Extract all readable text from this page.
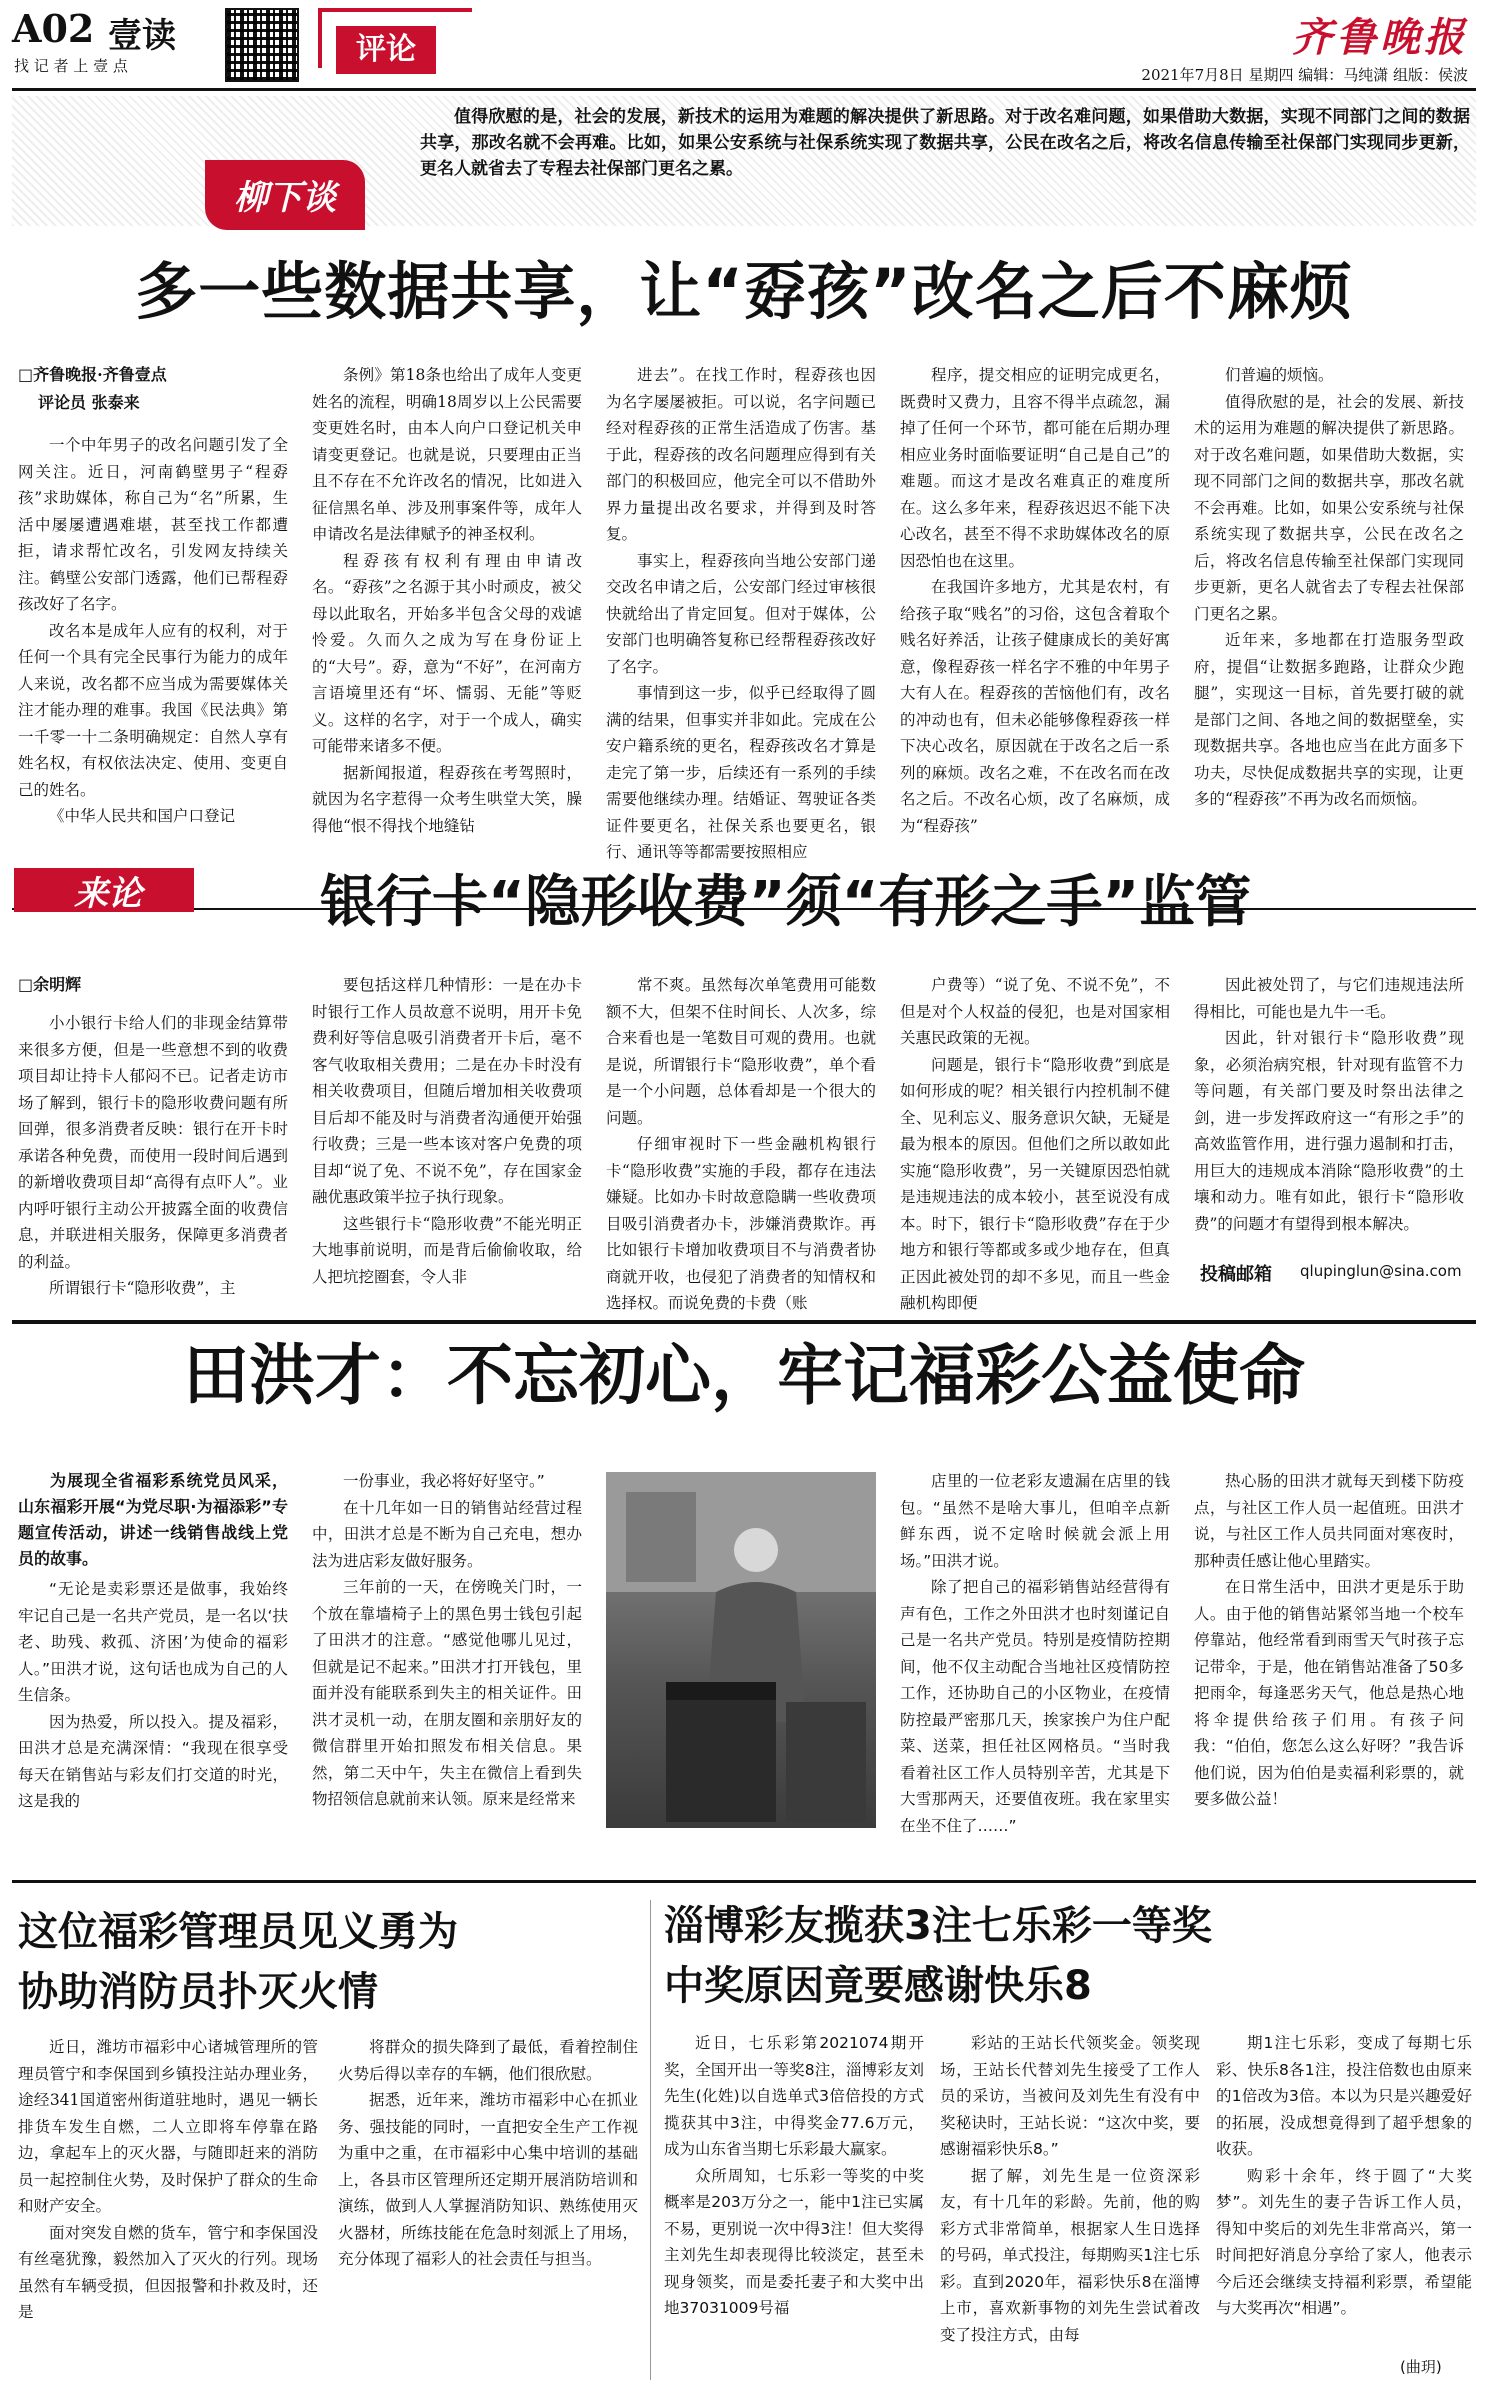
A02 壹读
找 记 者 上 壹 点	评论	齐鲁晚报
2021年7月8日 星期四 编辑：马纯潇 组版：侯波
柳下谈
值得欣慰的是，社会的发展，新技术的运用为难题的解决提供了新思路。对于改名难问题，如果借助大数据，实现不同部门之间的数据共享，那改名就不会再难。比如，如果公安系统与社保系统实现了数据共享，公民在改名之后，将改名信息传输至社保部门实现同步更新，更名人就省去了专程去社保部门更名之累。
多一些数据共享，让“孬孩”改名之后不麻烦
□齐鲁晚报·齐鲁壹点
评论员 张泰来

一个中年男子的改名问题引发了全网关注。近日，河南鹤壁男子“程孬孩”求助媒体，称自己为“名”所累，生活中屡屡遭遇难堪，甚至找工作都遭拒，请求帮忙改名，引发网友持续关注。鹤壁公安部门透露，他们已帮程孬孩改好了名字。

改名本是成年人应有的权利，对于任何一个具有完全民事行为能力的成年人来说，改名都不应当成为需要媒体关注才能办理的难事。我国《民法典》第一千零一十二条明确规定：自然人享有姓名权，有权依法决定、使用、变更自己的姓名。

《中华人民共和国户口登记

条例》第18条也给出了成年人变更姓名的流程，明确18周岁以上公民需要变更姓名时，由本人向户口登记机关申请变更登记。也就是说，只要理由正当且不存在不允许改名的情况，比如进入征信黑名单、涉及刑事案件等，成年人申请改名是法律赋予的神圣权利。

程孬孩有权利有理由申请改名。“孬孩”之名源于其小时顽皮，被父母以此取名，开始多半包含父母的戏谑怜爱。久而久之成为写在身份证上的“大号”。孬，意为“不好”，在河南方言语境里还有“坏、懦弱、无能”等贬义。这样的名字，对于一个成人，确实可能带来诸多不便。

据新闻报道，程孬孩在考驾照时，就因为名字惹得一众考生哄堂大笑，臊得他“恨不得找个地缝钻

进去”。在找工作时，程孬孩也因为名字屡屡被拒。可以说，名字问题已经对程孬孩的正常生活造成了伤害。基于此，程孬孩的改名问题理应得到有关部门的积极回应，他完全可以不借助外界力量提出改名要求，并得到及时答复。

事实上，程孬孩向当地公安部门递交改名申请之后，公安部门经过审核很快就给出了肯定回复。但对于媒体，公安部门也明确答复称已经帮程孬孩改好了名字。

事情到这一步，似乎已经取得了圆满的结果，但事实并非如此。完成在公安户籍系统的更名，程孬孩改名才算是走完了第一步，后续还有一系列的手续需要他继续办理。结婚证、驾驶证各类证件要更名，社保关系也要更名，银行、通讯等等都需要按照相应

程序，提交相应的证明完成更名，既费时又费力，且容不得半点疏忽，漏掉了任何一个环节，都可能在后期办理相应业务时面临要证明“自己是自己”的难题。而这才是改名难真正的难度所在。这么多年来，程孬孩迟迟不能下决心改名，甚至不得不求助媒体改名的原因恐怕也在这里。

在我国许多地方，尤其是农村，有给孩子取“贱名”的习俗，这包含着取个贱名好养活，让孩子健康成长的美好寓意，像程孬孩一样名字不雅的中年男子大有人在。程孬孩的苦恼他们有，改名的冲动也有，但未必能够像程孬孩一样下决心改名，原因就在于改名之后一系列的麻烦。改名之难，不在改名而在改名之后。不改名心烦，改了名麻烦，成为“程孬孩”

们普遍的烦恼。

值得欣慰的是，社会的发展、新技术的运用为难题的解决提供了新思路。对于改名难问题，如果借助大数据，实现不同部门之间的数据共享，那改名就不会再难。比如，如果公安系统与社保系统实现了数据共享，公民在改名之后，将改名信息传输至社保部门实现同步更新，更名人就省去了专程去社保部门更名之累。

近年来，多地都在打造服务型政府，提倡“让数据多跑路，让群众少跑腿”，实现这一目标，首先要打破的就是部门之间、各地之间的数据壁垒，实现数据共享。各地也应当在此方面多下功夫，尽快促成数据共享的实现，让更多的“程孬孩”不再为改名而烦恼。

来论	银行卡“隐形收费”须“有形之手”监管
□余明辉

小小银行卡给人们的非现金结算带来很多方便，但是一些意想不到的收费项目却让持卡人郁闷不已。记者走访市场了解到，银行卡的隐形收费问题有所回弹，很多消费者反映：银行在开卡时承诺各种免费，而使用一段时间后遇到的新增收费项目却“高得有点吓人”。业内呼吁银行主动公开披露全面的收费信息，并联进相关服务，保障更多消费者的利益。

所谓银行卡“隐形收费”，主

要包括这样几种情形：一是在办卡时银行工作人员故意不说明，用开卡免费利好等信息吸引消费者开卡后，毫不客气收取相关费用；二是在办卡时没有相关收费项目，但随后增加相关收费项目后却不能及时与消费者沟通便开始强行收费；三是一些本该对客户免费的项目却“说了免、不说不免”，存在国家金融优惠政策半拉子执行现象。

这些银行卡“隐形收费”不能光明正大地事前说明，而是背后偷偷收取，给人把坑挖圈套，令人非

常不爽。虽然每次单笔费用可能数额不大，但架不住时间长、人次多，综合来看也是一笔数目可观的费用。也就是说，所谓银行卡“隐形收费”，单个看是一个小问题，总体看却是一个很大的问题。

仔细审视时下一些金融机构银行卡“隐形收费”实施的手段，都存在违法嫌疑。比如办卡时故意隐瞒一些收费项目吸引消费者办卡，涉嫌消费欺诈。再比如银行卡增加收费项目不与消费者协商就开收，也侵犯了消费者的知情权和选择权。而说免费的卡费（账

户费等）“说了免、不说不免”，不但是对个人权益的侵犯，也是对国家相关惠民政策的无视。

问题是，银行卡“隐形收费”到底是如何形成的呢？相关银行内控机制不健全、见利忘义、服务意识欠缺，无疑是最为根本的原因。但他们之所以敢如此实施“隐形收费”，另一关键原因恐怕就是违规违法的成本较小，甚至说没有成本。时下，银行卡“隐形收费”存在于少地方和银行等都或多或少地存在，但真正因此被处罚的却不多见，而且一些金融机构即便

因此被处罚了，与它们违规违法所得相比，可能也是九牛一毛。

因此，针对银行卡“隐形收费”现象，必须治病究根，针对现有监管不力等问题，有关部门要及时祭出法律之剑，进一步发挥政府这一“有形之手”的高效监管作用，进行强力遏制和打击，用巨大的违规成本消除“隐形收费”的土壤和动力。唯有如此，银行卡“隐形收费”的问题才有望得到根本解决。

投稿邮箱 qlupinglun@sina.com
田洪才：不忘初心，牢记福彩公益使命
为展现全省福彩系统党员风采，山东福彩开展“为党尽职·为福添彩”专题宣传活动，讲述一线销售战线上党员的故事。

“无论是卖彩票还是做事，我始终牢记自己是一名共产党员，是一名以‘扶老、助残、救孤、济困’为使命的福彩人。”田洪才说，这句话也成为自己的人生信条。

因为热爱，所以投入。提及福彩，田洪才总是充满深情：“我现在很享受每天在销售站与彩友们打交道的时光，这是我的

一份事业，我必将好好坚守。”

在十几年如一日的销售站经营过程中，田洪才总是不断为自己充电，想办法为进店彩友做好服务。

三年前的一天，在傍晚关门时，一个放在靠墙椅子上的黑色男士钱包引起了田洪才的注意。“感觉他哪儿见过，但就是记不起来。”田洪才打开钱包，里面并没有能联系到失主的相关证件。田洪才灵机一动，在朋友圈和亲朋好友的微信群里开始扣照发布相关信息。果然，第二天中午，失主在微信上看到失物招领信息就前来认领。原来是经常来

店里的一位老彩友遗漏在店里的钱包。“虽然不是啥大事儿，但咱辛点新鲜东西，说不定啥时候就会派上用场。”田洪才说。

除了把自己的福彩销售站经营得有声有色，工作之外田洪才也时刻谨记自己是一名共产党员。特别是疫情防控期间，他不仅主动配合当地社区疫情防控工作，还协助自己的小区物业，在疫情防控最严密那几天，挨家挨户为住户配菜、送菜，担任社区网格员。“当时我看着社区工作人员特别辛苦，尤其是下大雪那两天，还要值夜班。我在家里实在坐不住了……”

热心肠的田洪才就每天到楼下防疫点，与社区工作人员一起值班。田洪才说，与社区工作人员共同面对寒夜时，那种责任感让他心里踏实。

在日常生活中，田洪才更是乐于助人。由于他的销售站紧邻当地一个校车停靠站，他经常看到雨雪天气时孩子忘记带伞，于是，他在销售站准备了50多把雨伞，每逢恶劣天气，他总是热心地将伞提供给孩子们用。有孩子问我：“伯伯，您怎么这么好呀？”我告诉他们说，因为伯伯是卖福利彩票的，就要多做公益！

这位福彩管理员见义勇为
协助消防员扑灭火情

近日，潍坊市福彩中心诸城管理所的管理员管宁和李保国到乡镇投注站办理业务，途经341国道密州街道驻地时，遇见一辆长排货车发生自燃，二人立即将车停靠在路边，拿起车上的灭火器，与随即赶来的消防员一起控制住火势，及时保护了群众的生命和财产安全。

面对突发自燃的货车，管宁和李保国没有丝毫犹豫，毅然加入了灭火的行列。现场虽然有车辆受损，但因报警和扑救及时，还是

将群众的损失降到了最低，看着控制住火势后得以幸存的车辆，他们很欣慰。

据悉，近年来，潍坊市福彩中心在抓业务、强技能的同时，一直把安全生产工作视为重中之重，在市福彩中心集中培训的基础上，各县市区管理所还定期开展消防培训和演练，做到人人掌握消防知识、熟练使用灭火器材，所练技能在危急时刻派上了用场，充分体现了福彩人的社会责任与担当。

淄博彩友揽获3注七乐彩一等奖
中奖原因竟要感谢快乐8

近日，七乐彩第2021074期开奖，全国开出一等奖8注，淄博彩友刘先生(化姓)以自选单式3倍倍投的方式揽获其中3注，中得奖金77.6万元，成为山东省当期七乐彩最大赢家。

众所周知，七乐彩一等奖的中奖概率是203万分之一，能中1注已实属不易，更别说一次中得3注！但大奖得主刘先生却表现得比较淡定，甚至未现身领奖，而是委托妻子和大奖中出地37031009号福

彩站的王站长代领奖金。领奖现场，王站长代替刘先生接受了工作人员的采访，当被问及刘先生有没有中奖秘诀时，王站长说：“这次中奖，要感谢福彩快乐8。”

据了解，刘先生是一位资深彩友，有十几年的彩龄。先前，他的购彩方式非常简单，根据家人生日选择的号码，单式投注，每期购买1注七乐彩。直到2020年，福彩快乐8在淄博上市，喜欢新事物的刘先生尝试着改变了投注方式，由每

期1注七乐彩，变成了每期七乐彩、快乐8各1注，投注倍数也由原来的1倍改为3倍。本以为只是兴趣爱好的拓展，没成想竟得到了超乎想象的收获。

购彩十余年，终于圆了“大奖梦”。刘先生的妻子告诉工作人员，得知中奖后的刘先生非常高兴，第一时间把好消息分享给了家人，他表示今后还会继续支持福利彩票，希望能与大奖再次“相遇”。

(曲玥)
